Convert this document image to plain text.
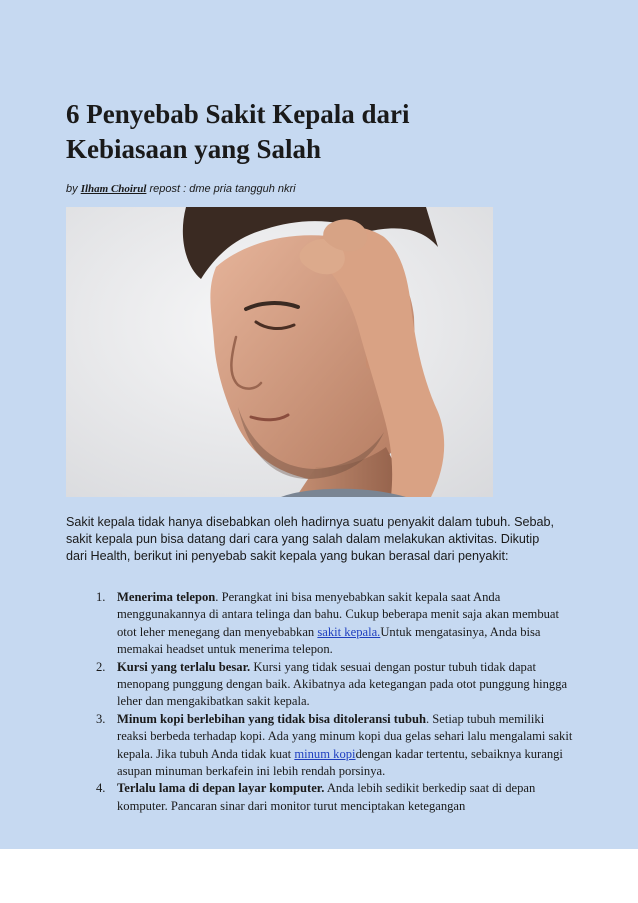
6 Penyebab Sakit Kepala dari Kebiasaan yang Salah
by Ilham Choirul repost : dme pria tangguh nkri

Sakit kepala tidak hanya disebabkan oleh hadirnya suatu penyakit dalam tubuh. Sebab, sakit kepala pun bisa datang dari cara yang salah dalam melakukan aktivitas. Dikutip dari Health, berikut ini penyebab sakit kepala yang bukan berasal dari penyakit:

1. Menerima telepon. Perangkat ini bisa menyebabkan sakit kepala saat Anda menggunakannya di antara telinga dan bahu. Cukup beberapa menit saja akan membuat otot leher menegang dan menyebabkan sakit kepala.Untuk mengatasinya, Anda bisa memakai headset untuk menerima telepon.
2. Kursi yang terlalu besar. Kursi yang tidak sesuai dengan postur tubuh tidak dapat menopang punggung dengan baik. Akibatnya ada ketegangan pada otot punggung hingga leher dan mengakibatkan sakit kepala.
3. Minum kopi berlebihan yang tidak bisa ditoleransi tubuh. Setiap tubuh memiliki reaksi berbeda terhadap kopi. Ada yang minum kopi dua gelas sehari lalu mengalami sakit kepala. Jika tubuh Anda tidak kuat minum kopidengan kadar tertentu, sebaiknya kurangi asupan minuman berkafein ini lebih rendah porsinya.
4. Terlalu lama di depan layar komputer. Anda lebih sedikit berkedip saat di depan komputer. Pancaran sinar dari monitor turut menciptakan ketegangan
